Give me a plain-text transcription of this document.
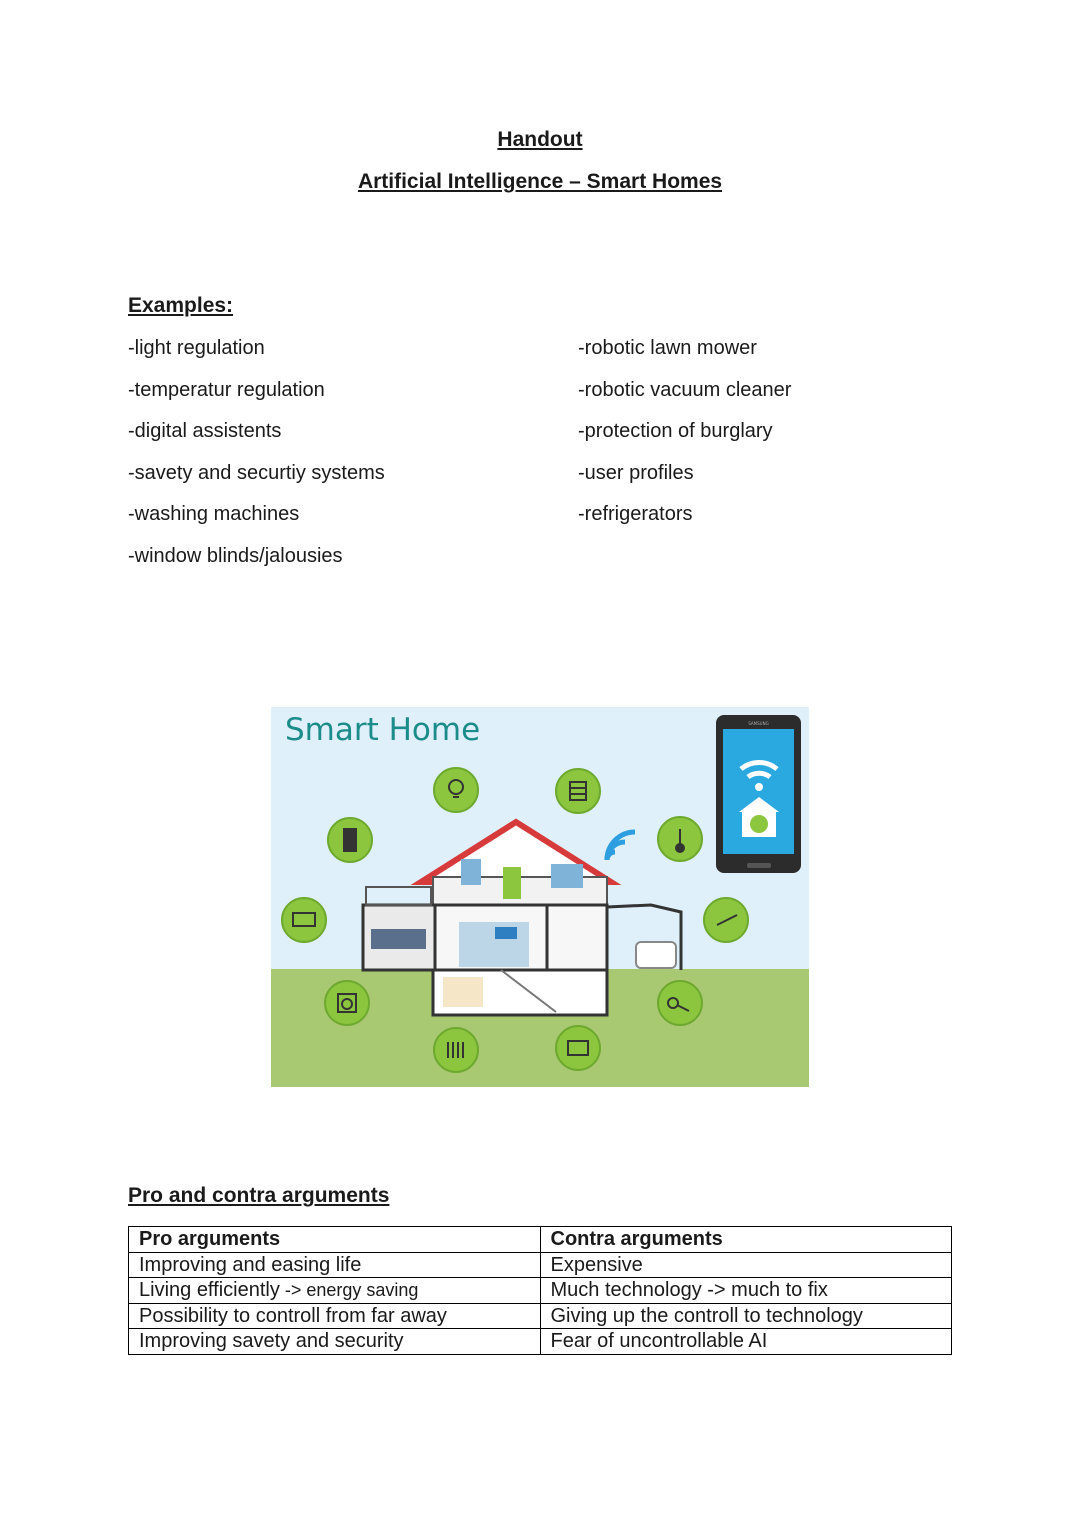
Handout
Artificial Intelligence – Smart Homes
Examples:
-light regulation
-temperatur regulation
-digital assistents
-savety and securtiy systems
-washing machines
-window blinds/jalousies
-robotic lawn mower
-robotic vacuum cleaner
-protection of burglary
-user profiles
-refrigerators
SAMSUNG
Smart Home
Pro and contra arguments
Pro arguments	Contra arguments
Improving and easing life	Expensive
Living efficiently -> energy saving	Much technology -> much to fix
Possibility to controll from far away	Giving up the controll to technology
Improving savety and security	Fear of uncontrollable AI
